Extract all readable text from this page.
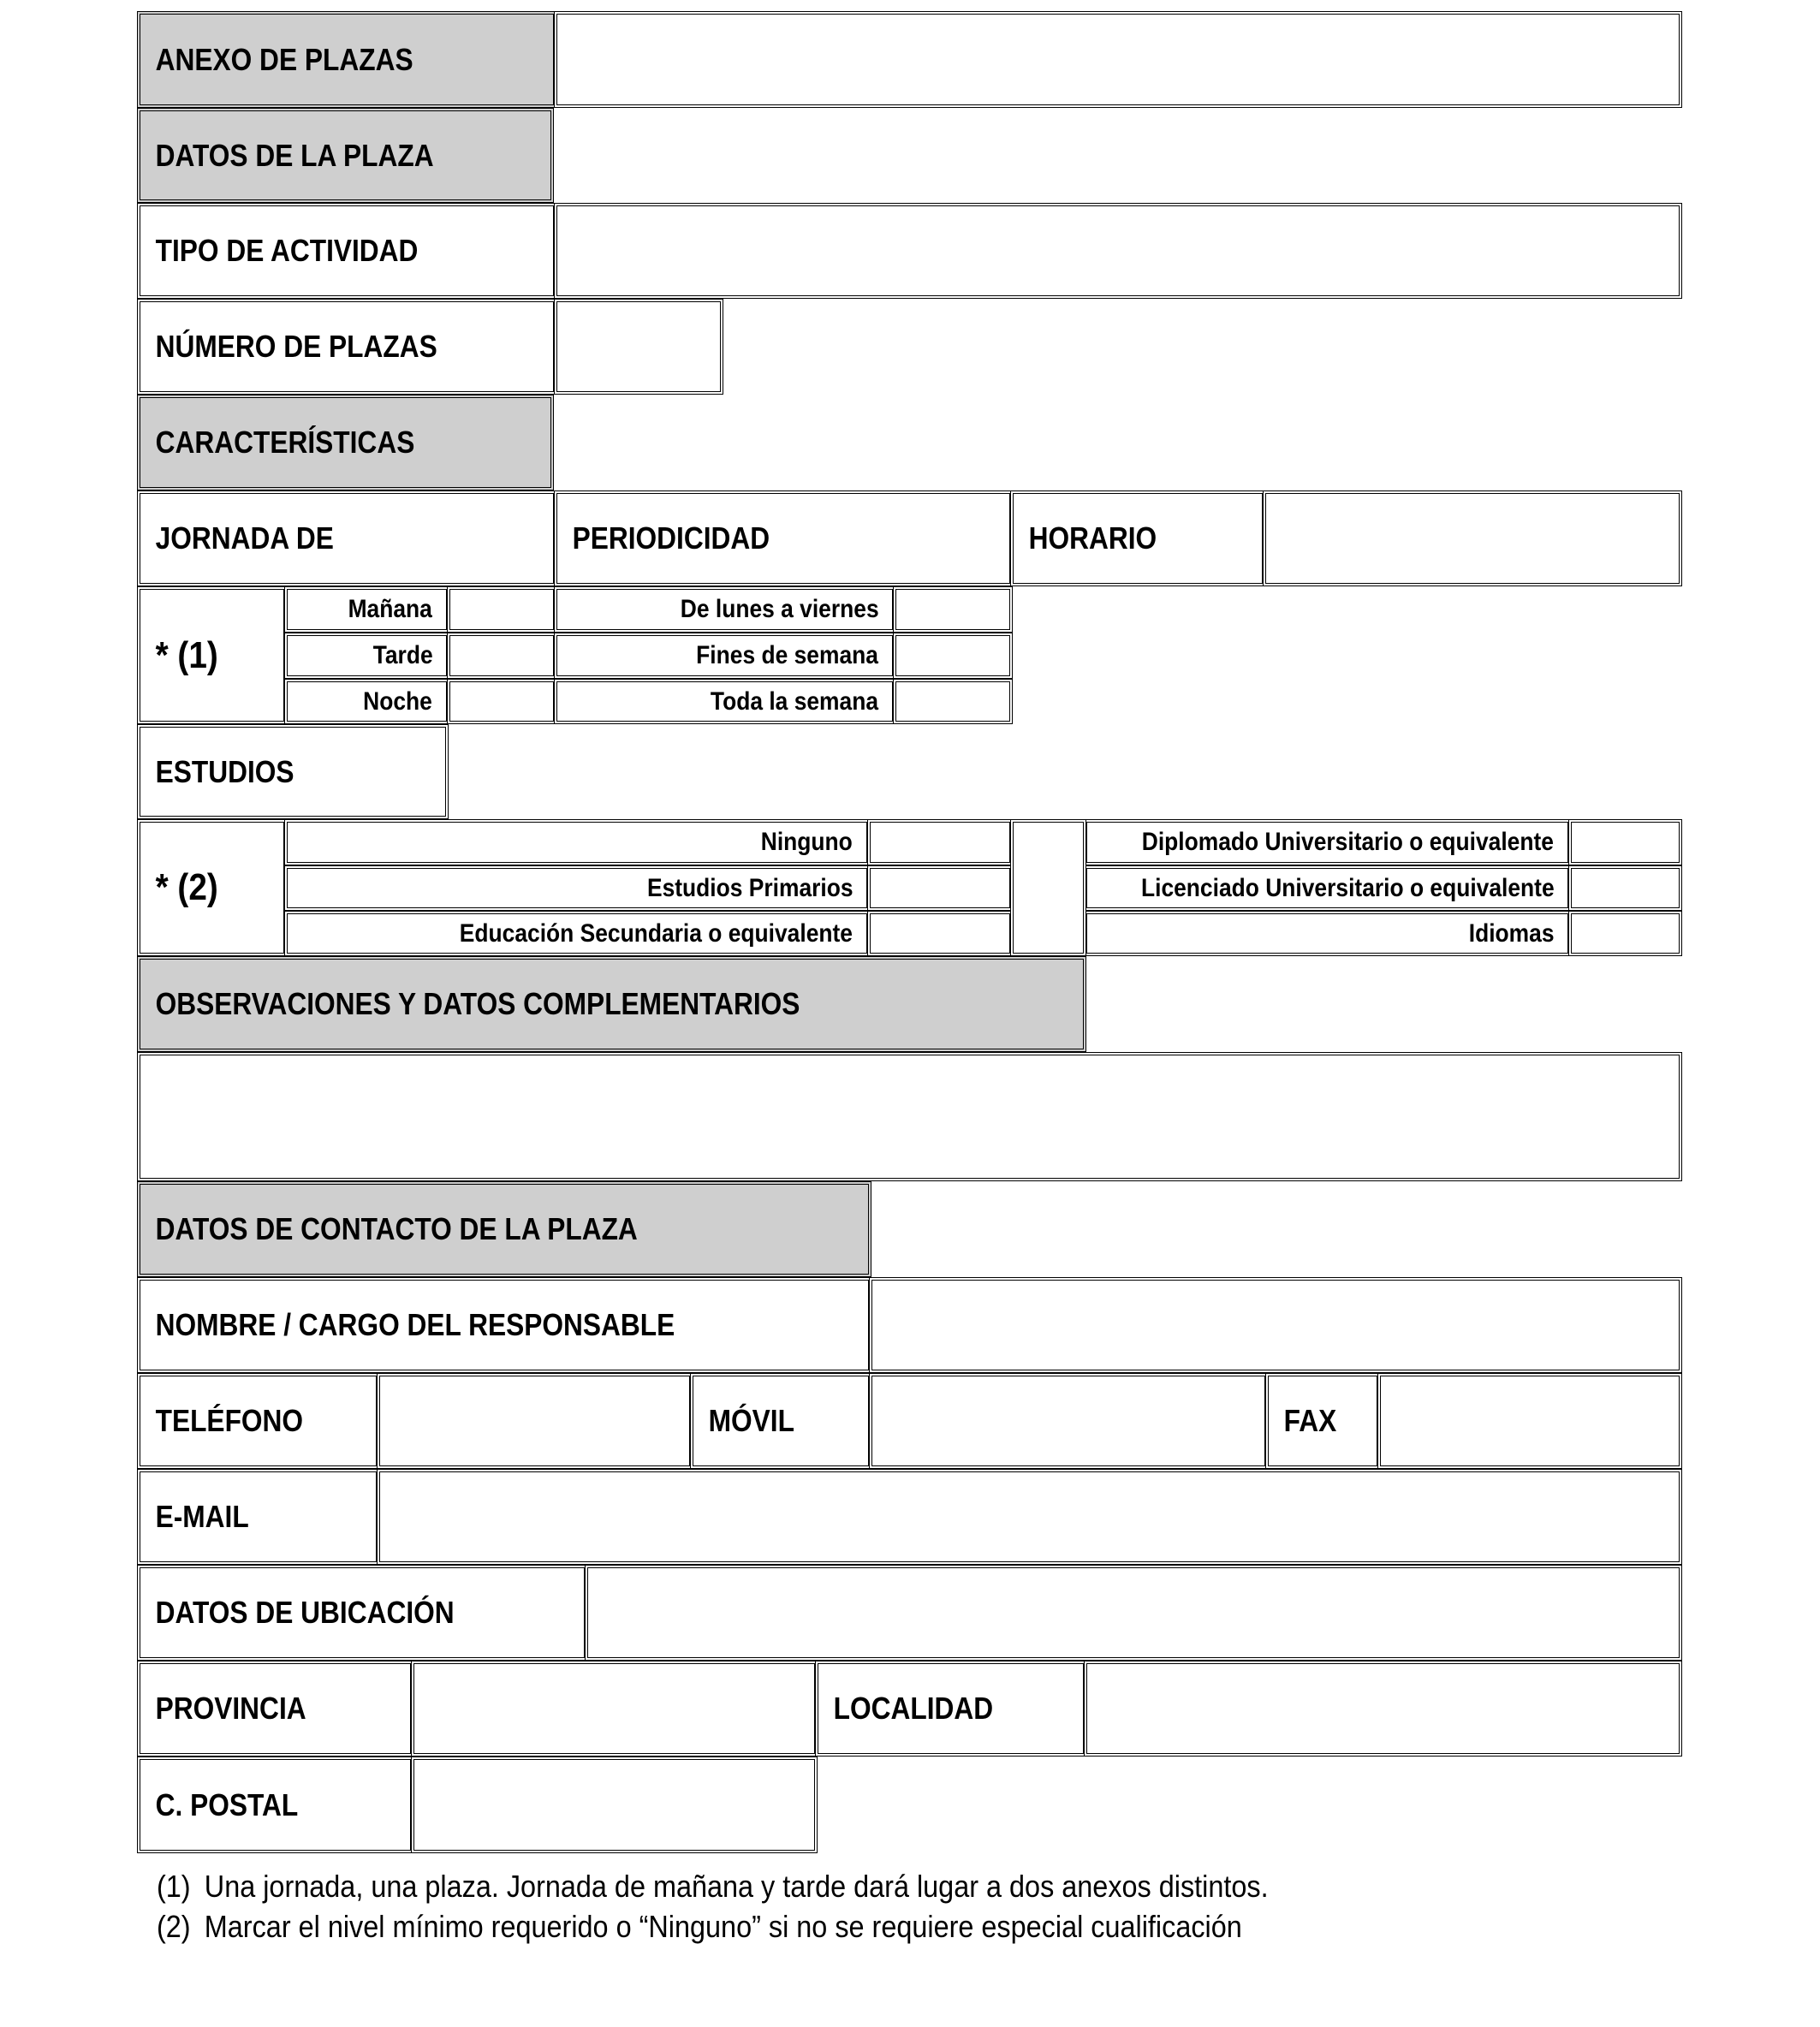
ANEXO DE PLAZAS
DATOS DE LA PLAZA
TIPO DE ACTIVIDAD
NÚMERO DE PLAZAS
CARACTERÍSTICAS
JORNADA DE	PERIODICIDAD	HORARIO
* (1)
Mañana	De lunes a viernes
Tarde	Fines de semana
Noche	Toda la semana
ESTUDIOS
* (2)
Ninguno	Diplomado Universitario o equivalente
Estudios Primarios	Licenciado Universitario o equivalente
Educación Secundaria o equivalente	Idiomas
OBSERVACIONES Y DATOS COMPLEMENTARIOS
DATOS DE CONTACTO DE LA PLAZA
NOMBRE / CARGO DEL RESPONSABLE
TELÉFONO	MÓVIL	FAX
E-MAIL
DATOS DE UBICACIÓN
PROVINCIA	LOCALIDAD
C. POSTAL
(1) Una jornada, una plaza. Jornada de mañana y tarde dará lugar a dos anexos distintos.
(2) Marcar el nivel mínimo requerido o “Ninguno” si no se requiere especial cualificación
